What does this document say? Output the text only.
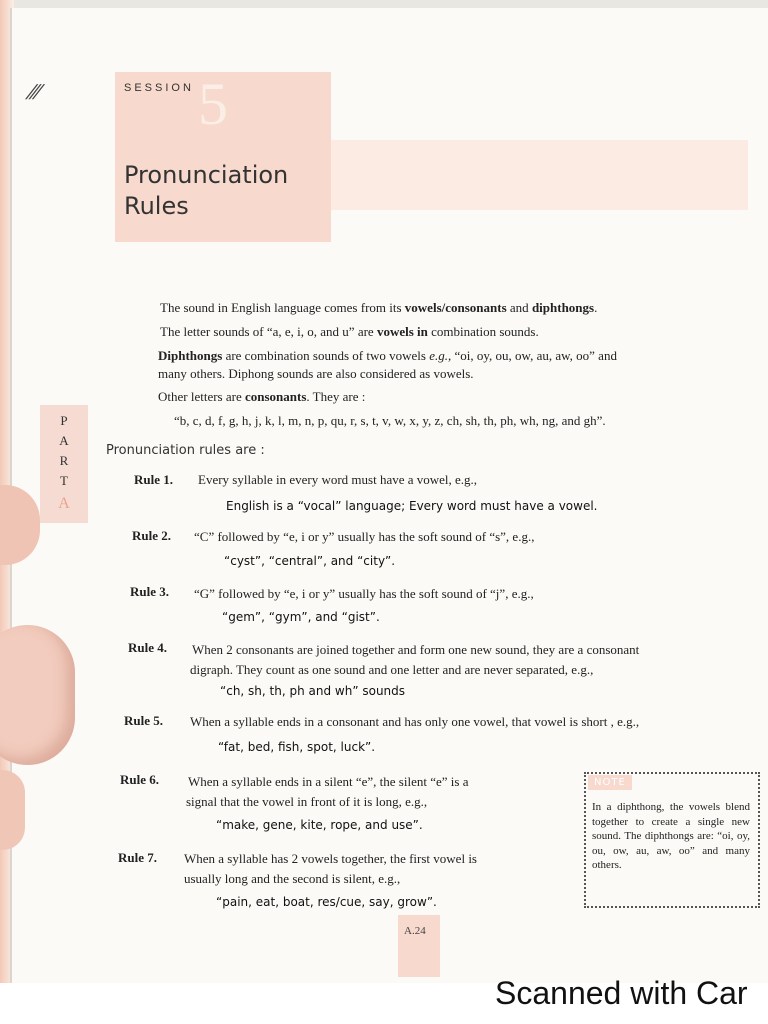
⁄⁄⁄	SESSION 5
Pronunciation
Rules
P
A
R
T
A

The sound in English language comes from its vowels/consonants and diphthongs.

The letter sounds of “a, e, i, o, and u” are vowels in combination sounds.

Diphthongs are combination sounds of two vowels e.g., “oi, oy, ou, ow, au, aw, oo” and

many others. Diphong sounds are also considered as vowels.

Other letters are consonants. They are :

“b, c, d, f, g, h, j, k, l, m, n, p, qu, r, s, t, v, w, x, y, z, ch, sh, th, ph, wh, ng, and gh”.

Pronunciation rules are :
Rule 1. Every syllable in every word must have a vowel, e.g.,

English is a “vocal” language; Every word must have a vowel.
Rule 2. “C” followed by “e, i or y” usually has the soft sound of “s”, e.g.,

“cyst”, “central”, and “city”.
Rule 3. “G” followed by “e, i or y” usually has the soft sound of “j”, e.g.,

“gem”, “gym”, and “gist”.
Rule 4. When 2 consonants are joined together and form one new sound, they are a consonant

digraph. They count as one sound and one letter and are never separated, e.g.,

“ch, sh, th, ph and wh” sounds
Rule 5. When a syllable ends in a consonant and has only one vowel, that vowel is short , e.g.,

“fat, bed, fish, spot, luck”.
Rule 6. When a syllable ends in a silent “e”, the silent “e” is a

signal that the vowel in front of it is long, e.g.,

“make, gene, kite, rope, and use”.
Rule 7. When a syllable has 2 vowels together, the first vowel is

usually long and the second is silent, e.g.,

“pain, eat, boat, res/cue, say, grow”.
NOTE

In a diphthong, the vowels blend together to create a single new sound. The diphthongs are: “oi, oy, ou, ow, au, aw, oo” and many others.

A.24
Scanned with Car
